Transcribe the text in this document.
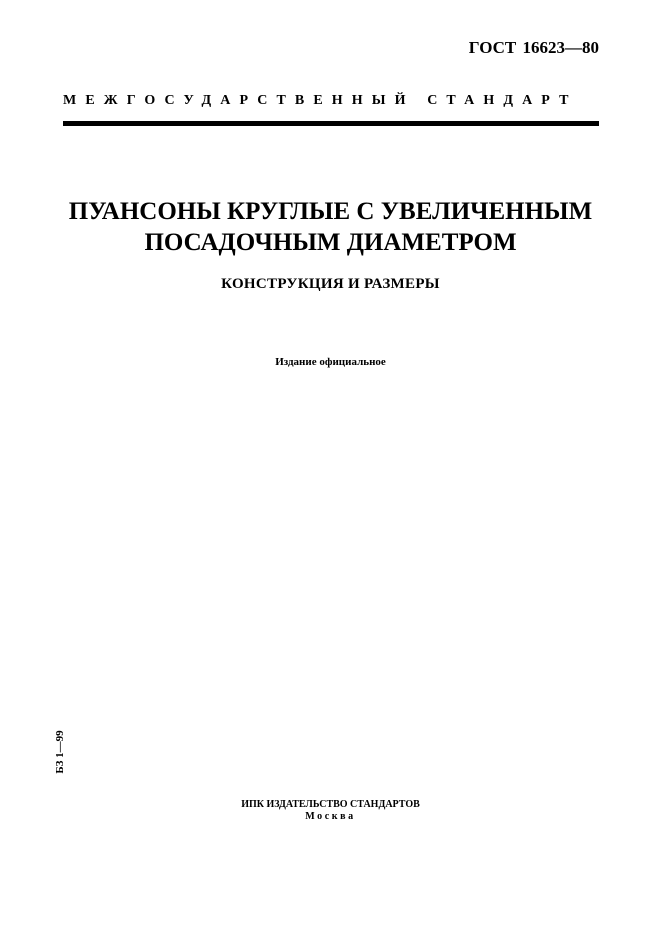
ГОСТ 16623—80
МЕЖГОСУДАРСТВЕННЫЙ СТАНДАРТ
ПУАНСОНЫ КРУГЛЫЕ С УВЕЛИЧЕННЫМ
ПОСАДОЧНЫМ ДИАМЕТРОМ
КОНСТРУКЦИЯ И РАЗМЕРЫ
Издание официальное
БЗ 1—99
ИПК ИЗДАТЕЛЬСТВО СТАНДАРТОВ
Москва
